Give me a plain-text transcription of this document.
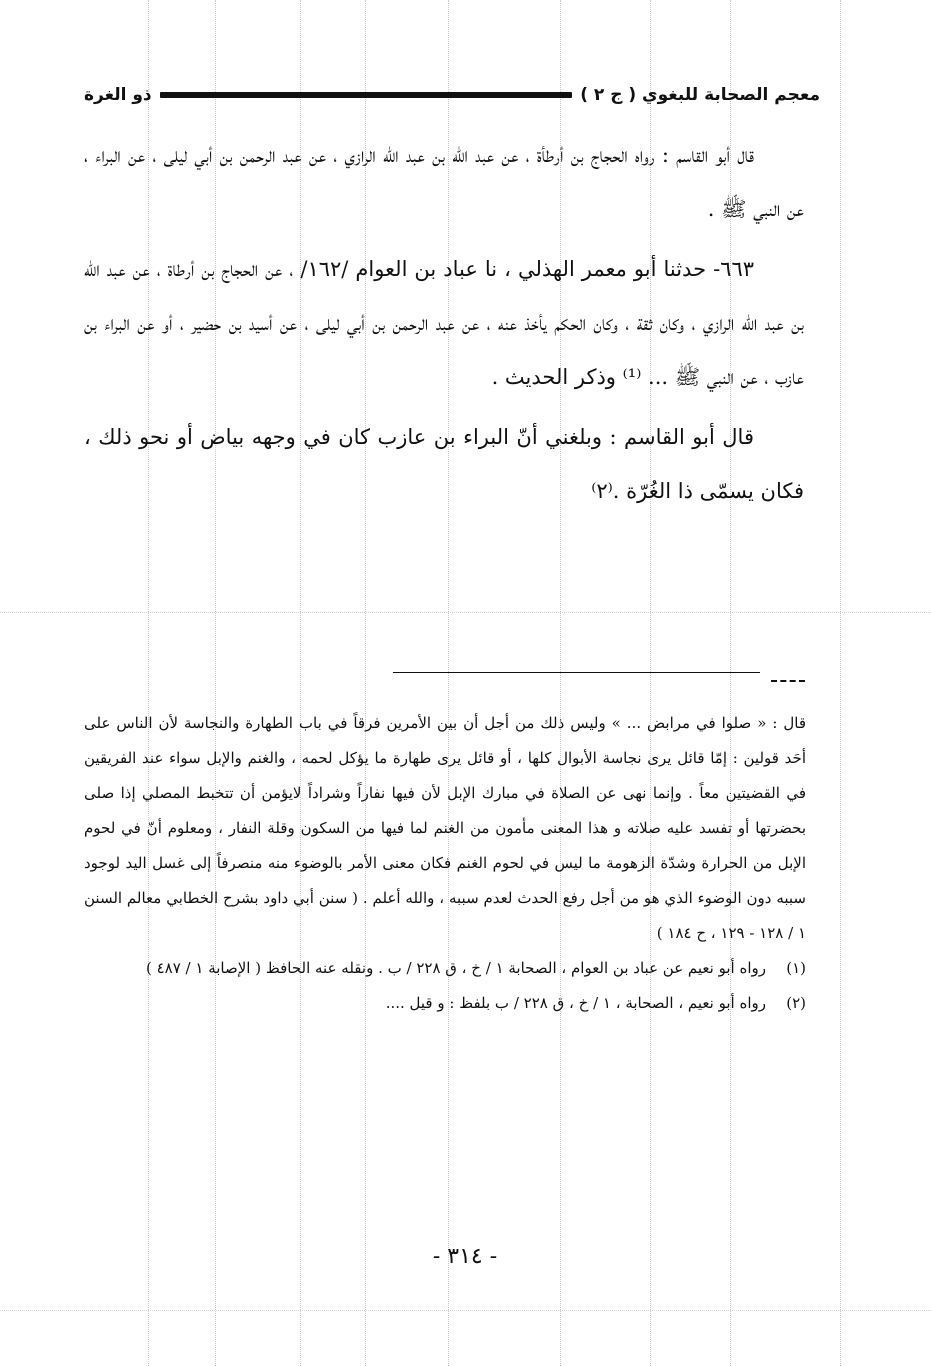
معجم الصحابة للبغوي ( ج ٢ )
ذو الغرة

قال أبو القاسم : رواه الحجاج بن أرطأة ، عن عبد الله بن عبد الله الرازي ، عن عبد الرحمن بن أبي ليلى ، عن البراء ، عن النبي ﷺ .

٦٦٣- حدثنا أبو معمر الهذلي ، نا عباد بن العوام /١٦٢/ ، عن الحجاج بن أرطاة ، عن عبد الله بن عبد الله الرازي ، وكان ثقة ، وكان الحكم يأخذ عنه ، عن عبد الرحمن بن أبي ليلى ، عن أسيد بن حضير ، أو عن البراء بن عازب ، عن النبي ﷺ ... ⁽¹⁾ وذكر الحديث .

قال أبو القاسم : وبلغني أنّ البراء بن عازب كان في وجهه بياض أو نحو ذلك ، فكان يسمّى ذا الغُرّة .⁽٢⁾

قال : « صلوا في مرابض ... » وليس ذلك من أجل أن بين الأمرين فرقاً في باب الطهارة والنجاسة لأن الناس على أحَد قولين : إمّا قائل يرى نجاسة الأبوال كلها ، أو قائل يرى طهارة ما يؤكل لحمه ، والغنم والإبل سواء عند الفريقين في القضيتين معاً . وإنما نهى عن الصلاة في مبارك الإبل لأن فيها نفاراً وشراداً لايؤمن أن تتخبط المصلي إذا صلى بحضرتها أو تفسد عليه صلاته و هذا المعنى مأمون من الغنم لما فيها من السكون وقلة النفار ، ومعلوم أنّ في لحوم الإبل من الحرارة وشدّة الزهومة ما ليس في لحوم الغنم فكان معنى الأمر بالوضوء منه منصرفاً إلى غسل اليد لوجود سببه دون الوضوء الذي هو من أجل رفع الحدث لعدم سببه ، والله أعلم . ( سنن أبي داود بشرح الخطابي معالم السنن ١ / ١٢٨ - ١٢٩ ، ح ١٨٤ )

(١)
رواه أبو نعيم عن عباد بن العوام ، الصحابة ١ / خ ، ق ٢٢٨ / ب . ونقله عنه الحافظ ( الإصابة ١ / ٤٨٧ )
(٢)
رواه أبو نعيم ، الصحابة ، ١ / خ ، ق ٢٢٨ / ب بلفظ : و قيل ....
- ٣١٤ -
